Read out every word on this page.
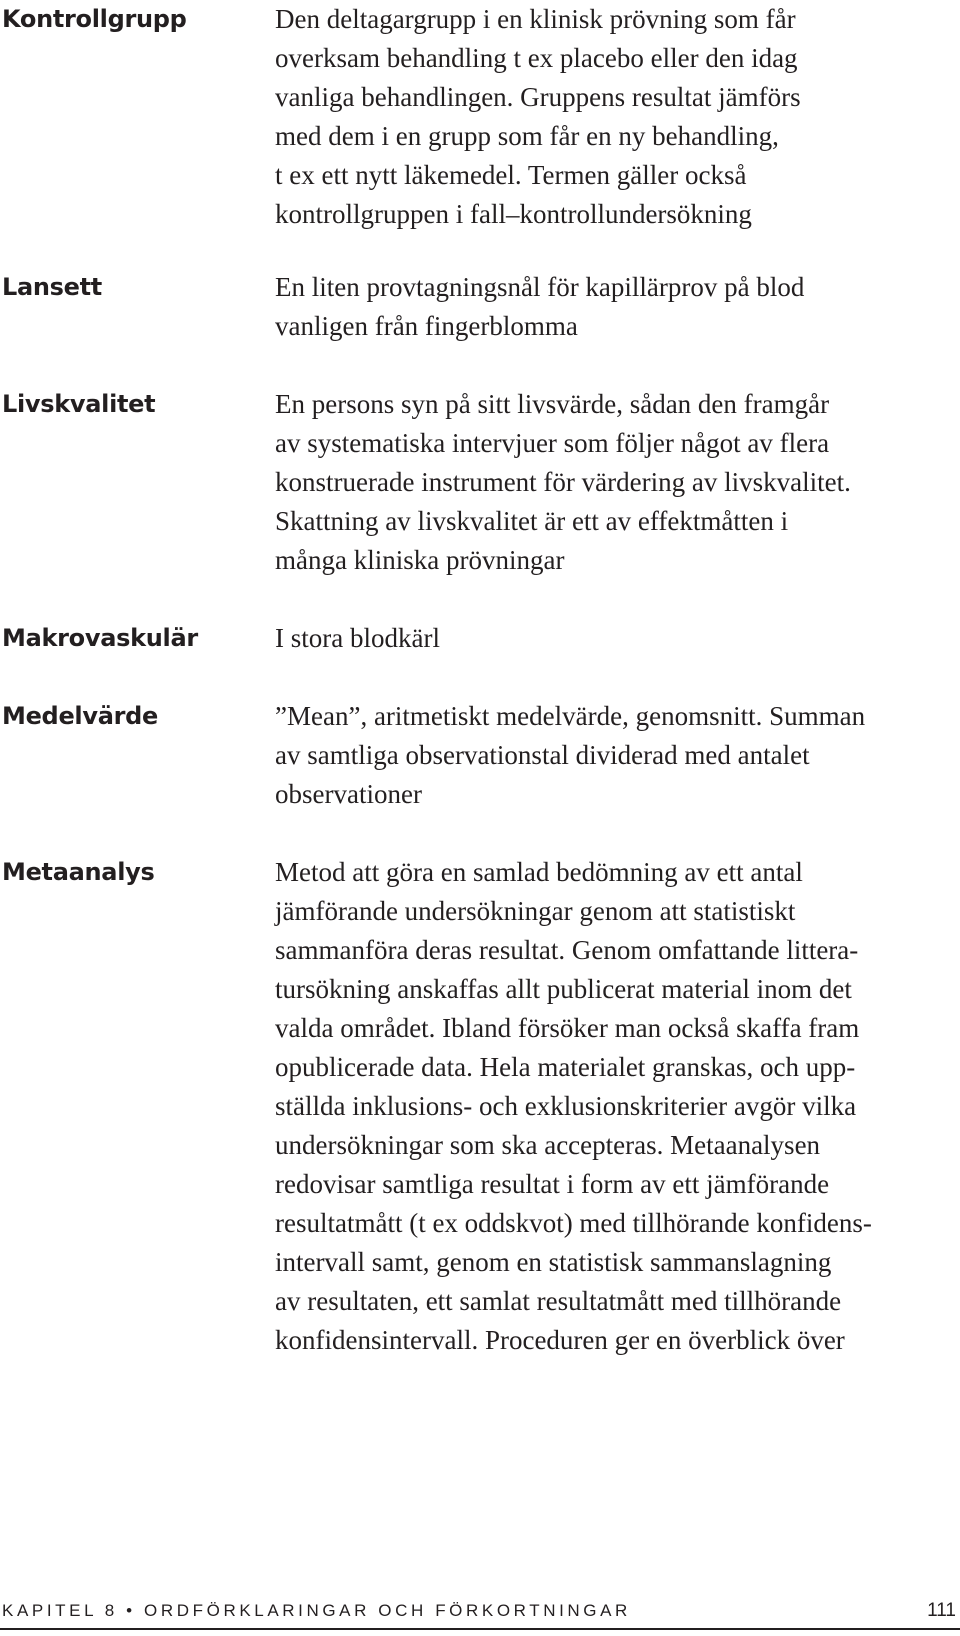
Kontrollgrupp	Den deltagargrupp i en klinisk prövning som får
overksam behandling t ex placebo eller den idag
vanliga behandlingen. Gruppens resultat jämförs
med dem i en grupp som får en ny behandling,
t ex ett nytt läkemedel. Termen gäller också
kontrollgruppen i fall–kontrollundersökning
Lansett	En liten provtagningsnål för kapillärprov på blod
vanligen från fingerblomma
Livskvalitet	En persons syn på sitt livsvärde, sådan den framgår
av systematiska intervjuer som följer något av flera
konstruerade instrument för värdering av livskvalitet.
Skattning av livskvalitet är ett av effektmåtten i
många kliniska prövningar
Makrovaskulär	I stora blodkärl
Medelvärde	”Mean”, aritmetiskt medelvärde, genomsnitt. Summan
av samtliga observationstal dividerad med antalet
observationer
Metaanalys	Metod att göra en samlad bedömning av ett antal
jämförande undersökningar genom att statistiskt
sammanföra deras resultat. Genom omfattande littera-
tursökning anskaffas allt publicerat material inom det
valda området. Ibland försöker man också skaffa fram
opublicerade data. Hela materialet granskas, och upp-
ställda inklusions- och exklusionskriterier avgör vilka
undersökningar som ska accepteras. Metaanalysen
redovisar samtliga resultat i form av ett jämförande
resultatmått (t ex oddskvot) med tillhörande konfidens-
intervall samt, genom en statistisk sammanslagning
av resultaten, ett samlat resultatmått med tillhörande
konfidensintervall. Proceduren ger en överblick över
KAPITEL 8 • ORDFÖRKLARINGAR OCH FÖRKORTNINGAR	111
